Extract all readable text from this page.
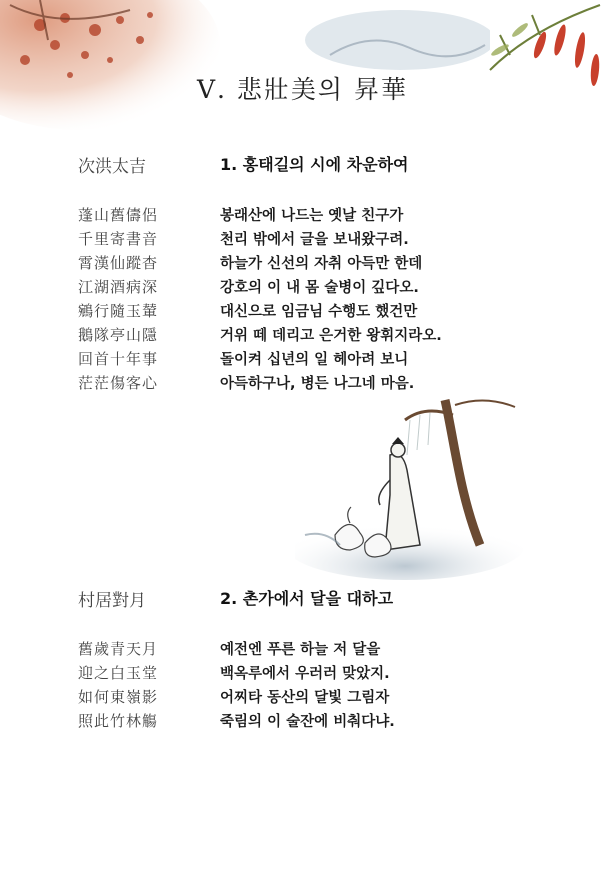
Ⅴ. 悲壯美의 昇華
次洪太吉	1. 홍태길의 시에 차운하여
蓬山舊儔侶	봉래산에 나드는 옛날 친구가
千里寄書音	천리 밖에서 글을 보내왔구려.
霄漢仙蹤杳	하늘가 신선의 자취 아득만 한데
江湖酒病深	강호의 이 내 몸 술병이 깊다오.
鵷行隨玉輦	대신으로 임금님 수행도 했건만
鵝隊亭山隱	거위 떼 데리고 은거한 왕휘지라오.
回首十年事	돌이켜 십년의 일 헤아려 보니
茫茫傷客心	아득하구나, 병든 나그네 마음.
村居對月	2. 촌가에서 달을 대하고
舊歲青天月	예전엔 푸른 하늘 저 달을
迎之白玉堂	백옥루에서 우러러 맞았지.
如何東嶺影	어찌타 동산의 달빛 그림자
照此竹林觴	죽림의 이 술잔에 비춰다냐.
